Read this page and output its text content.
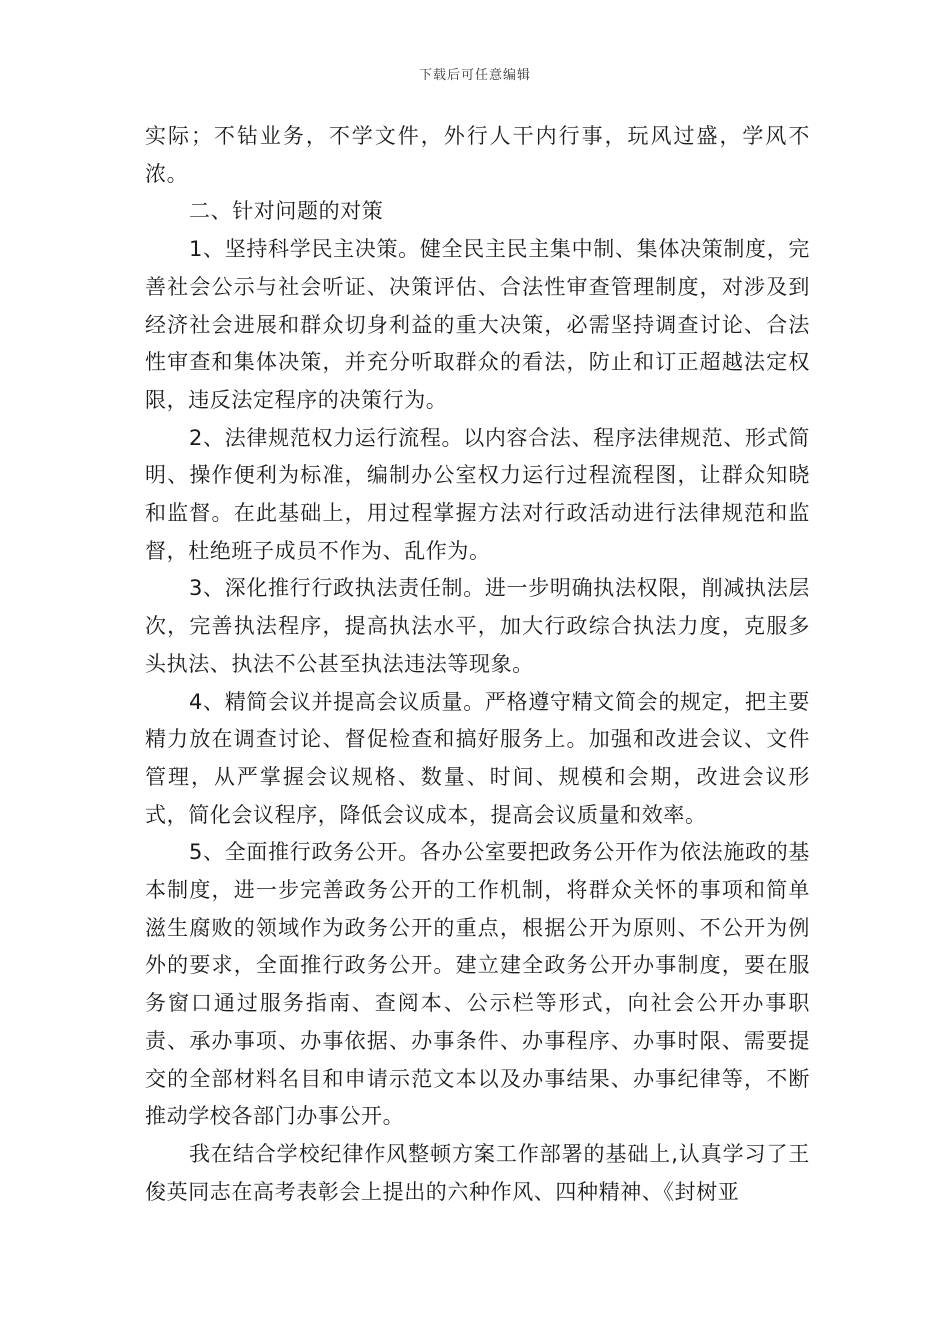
下载后可任意编辑

实际；不钻业务，不学文件，外行人干内行事，玩风过盛，学风不浓。

二、针对问题的对策

1、坚持科学民主决策。健全民主民主集中制、集体决策制度，完善社会公示与社会听证、决策评估、合法性审查管理制度，对涉及到经济社会进展和群众切身利益的重大决策，必需坚持调查讨论、合法性审查和集体决策，并充分听取群众的看法，防止和订正超越法定权限，违反法定程序的决策行为。

2、法律规范权力运行流程。以内容合法、程序法律规范、形式简明、操作便利为标准，编制办公室权力运行过程流程图，让群众知晓和监督。在此基础上，用过程掌握方法对行政活动进行法律规范和监督，杜绝班子成员不作为、乱作为。

3、深化推行行政执法责任制。进一步明确执法权限，削减执法层次，完善执法程序，提高执法水平，加大行政综合执法力度，克服多头执法、执法不公甚至执法违法等现象。

4、精简会议并提高会议质量。严格遵守精文简会的规定，把主要精力放在调查讨论、督促检查和搞好服务上。加强和改进会议、文件管理，从严掌握会议规格、数量、时间、规模和会期，改进会议形式，简化会议程序，降低会议成本，提高会议质量和效率。

5、全面推行政务公开。各办公室要把政务公开作为依法施政的基本制度，进一步完善政务公开的工作机制，将群众关怀的事项和简单滋生腐败的领域作为政务公开的重点，根据公开为原则、不公开为例外的要求，全面推行政务公开。建立建全政务公开办事制度，要在服务窗口通过服务指南、查阅本、公示栏等形式，向社会公开办事职责、承办事项、办事依据、办事条件、办事程序、办事时限、需要提交的全部材料名目和申请示范文本以及办事结果、办事纪律等，不断推动学校各部门办事公开。

我在结合学校纪律作风整顿方案工作部署的基础上,认真学习了王俊英同志在高考表彰会上提出的六种作风、四种精神、《封树亚
